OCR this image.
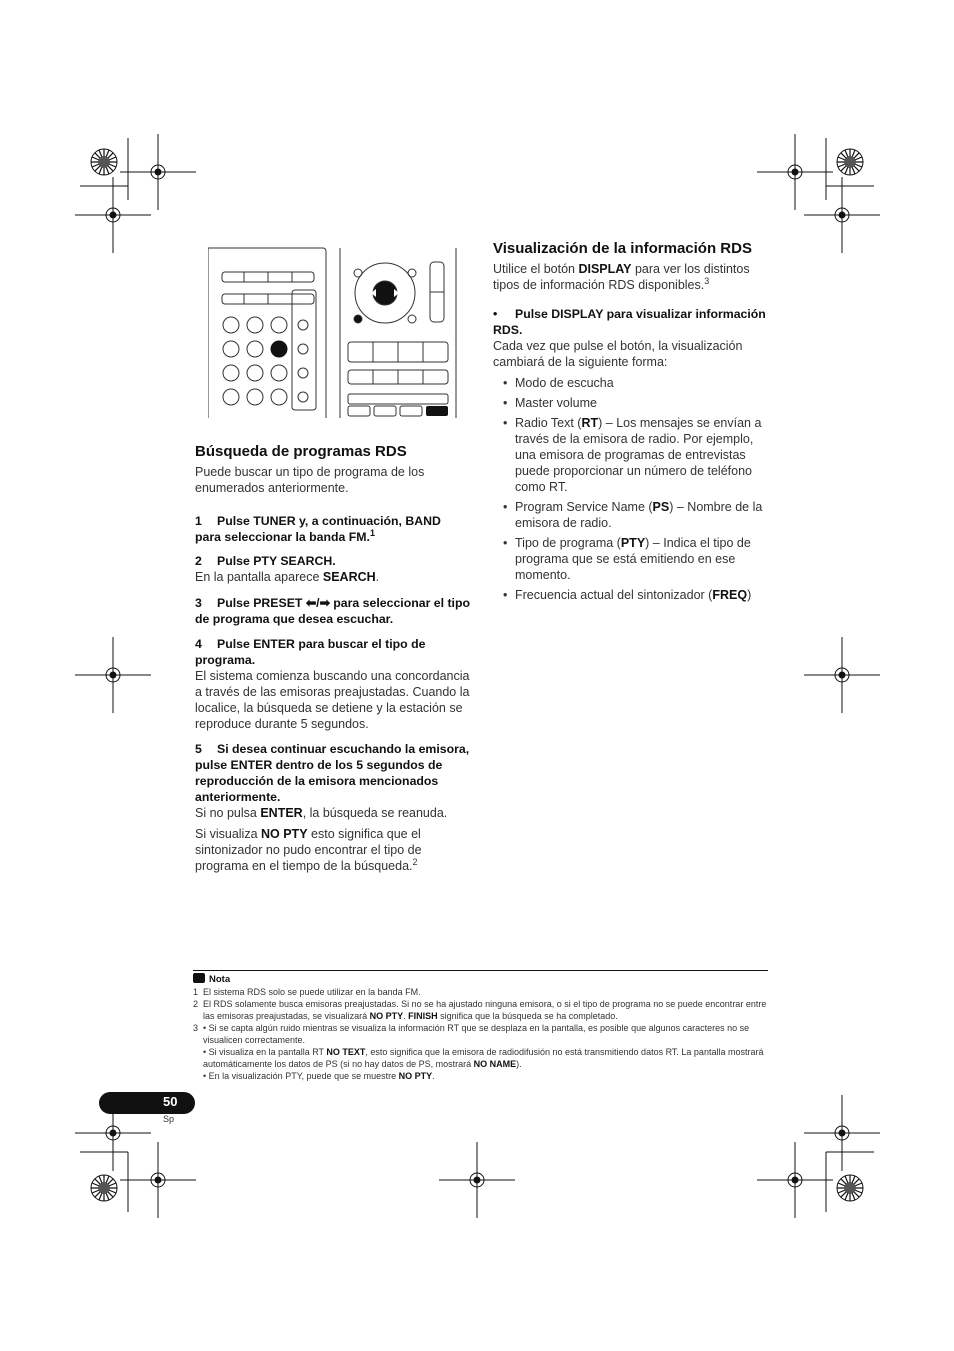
Búsqueda de programas RDS

Puede buscar un tipo de programa de los enumerados anteriormente.

1 Pulse TUNER y, a continuación, BAND para seleccionar la banda FM.$^1$

2 Pulse PTY SEARCH.

En la pantalla aparece SEARCH.

3 Pulse PRESET ⬅/➡ para seleccionar el tipo de programa que desea escuchar.

4 Pulse ENTER para buscar el tipo de programa.

El sistema comienza buscando una concordancia a través de las emisoras preajustadas. Cuando la localice, la búsqueda se detiene y la estación se reproduce durante 5 segundos.

5 Si desea continuar escuchando la emisora, pulse ENTER dentro de los 5 segundos de reproducción de la emisora mencionados anteriormente.

Si no pulsa ENTER, la búsqueda se reanuda.

Si visualiza NO PTY esto significa que el sintonizador no pudo encontrar el tipo de programa en el tiempo de la búsqueda.$^2$

Visualización de la información RDS

Utilice el botón DISPLAY para ver los distintos tipos de información RDS disponibles.$^3$

• Pulse DISPLAY para visualizar información RDS.

Cada vez que pulse el botón, la visualización cambiará de la siguiente forma:

• Modo de escucha
• Master volume
• Radio Text (RT) – Los mensajes se envían a través de la emisora de radio. Por ejemplo, una emisora de programas de entrevistas puede proporcionar un número de teléfono como RT.
• Program Service Name (PS) – Nombre de la emisora de radio.
• Tipo de programa (PTY) – Indica el tipo de programa que se está emitiendo en ese momento.
• Frecuencia actual del sintonizador (FREQ)
Nota
1 El sistema RDS solo se puede utilizar en la banda FM.
2 El RDS solamente busca emisoras preajustadas. Si no se ha ajustado ninguna emisora, o si el tipo de programa no se puede encontrar entre las emisoras preajustadas, se visualizará NO PTY. FINISH significa que la búsqueda se ha completado.
3 • Si se capta algún ruido mientras se visualiza la información RT que se desplaza en la pantalla, es posible que algunos caracteres no se visualicen correctamente.
• Si visualiza en la pantalla RT NO TEXT, esto significa que la emisora de radiodifusión no está transmitiendo datos RT. La pantalla mostrará automáticamente los datos de PS (si no hay datos de PS, mostrará NO NAME).
• En la visualización PTY, puede que se muestre NO PTY.
50
Sp
